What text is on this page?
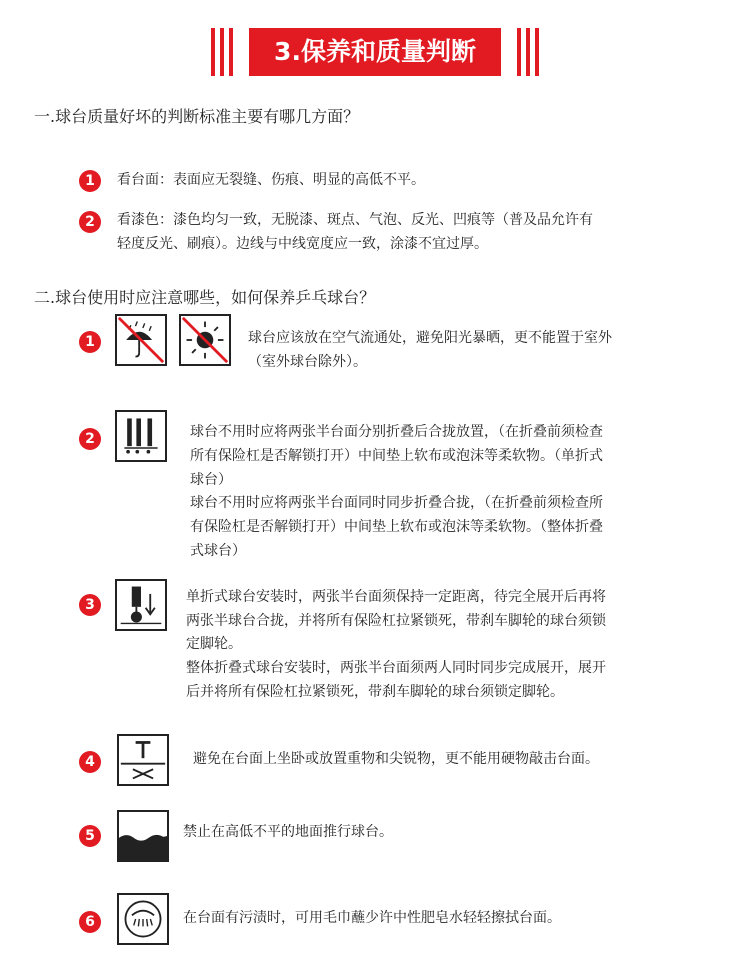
3.保养和质量判断
一.球台质量好坏的判断标准主要有哪几方面？
1	看台面：表面应无裂缝、伤痕、明显的高低不平。
2	看漆色：漆色均匀一致，无脱漆、斑点、气泡、反光、凹痕等（普及品允许有
轻度反光、刷痕）。边线与中线宽度应一致，涂漆不宜过厚。
二.球台使用时应注意哪些，如何保养乒乓球台？
1	球台应该放在空气流通处，避免阳光暴晒，更不能置于室外
（室外球台除外）。
2	球台不用时应将两张半台面分别折叠后合拢放置，（在折叠前须检查
所有保险杠是否解锁打开）中间垫上软布或泡沫等柔软物。（单折式
球台）
球台不用时应将两张半台面同时同步折叠合拢，（在折叠前须检查所
有保险杠是否解锁打开）中间垫上软布或泡沫等柔软物。（整体折叠
式球台）
3	单折式球台安装时，两张半台面须保持一定距离，待完全展开后再将
两张半球台合拢，并将所有保险杠拉紧锁死，带刹车脚轮的球台须锁
定脚轮。
整体折叠式球台安装时，两张半台面须两人同时同步完成展开，展开
后并将所有保险杠拉紧锁死，带刹车脚轮的球台须锁定脚轮。
4	避免在台面上坐卧或放置重物和尖锐物，更不能用硬物敲击台面。
5	禁止在高低不平的地面推行球台。
6	在台面有污渍时，可用毛巾蘸少许中性肥皂水轻轻擦拭台面。
